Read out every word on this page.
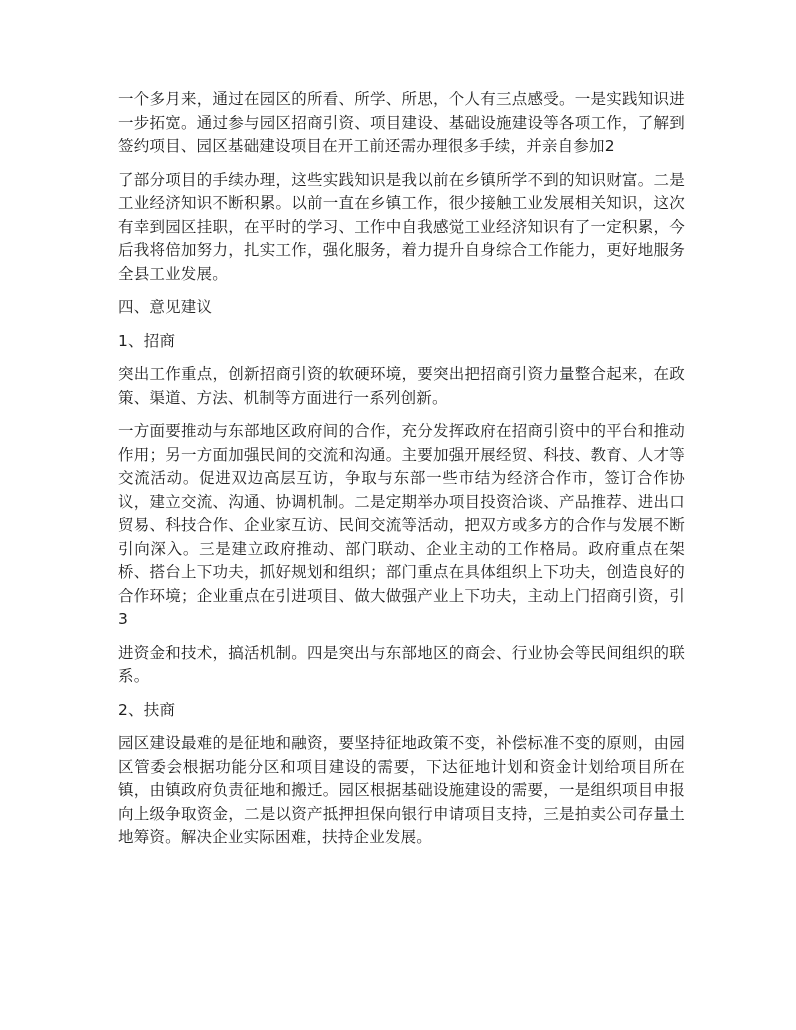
一个多月来，通过在园区的所看、所学、所思，个人有三点感受。一是实践知识进一步拓宽。通过参与园区招商引资、项目建设、基础设施建设等各项工作，了解到签约项目、园区基础建设项目在开工前还需办理很多手续，并亲自参加2

了部分项目的手续办理，这些实践知识是我以前在乡镇所学不到的知识财富。二是工业经济知识不断积累。以前一直在乡镇工作，很少接触工业发展相关知识，这次有幸到园区挂职，在平时的学习、工作中自我感觉工业经济知识有了一定积累，今后我将倍加努力，扎实工作，强化服务，着力提升自身综合工作能力，更好地服务全县工业发展。

四、意见建议

1、招商

突出工作重点，创新招商引资的软硬环境，要突出把招商引资力量整合起来，在政策、渠道、方法、机制等方面进行一系列创新。

一方面要推动与东部地区政府间的合作，充分发挥政府在招商引资中的平台和推动作用；另一方面加强民间的交流和沟通。主要加强开展经贸、科技、教育、人才等交流活动。促进双边高层互访，争取与东部一些市结为经济合作市，签订合作协议，建立交流、沟通、协调机制。二是定期举办项目投资洽谈、产品推荐、进出口贸易、科技合作、企业家互访、民间交流等活动，把双方或多方的合作与发展不断引向深入。三是建立政府推动、部门联动、企业主动的工作格局。政府重点在架桥、搭台上下功夫，抓好规划和组织；部门重点在具体组织上下功夫，创造良好的合作环境；企业重点在引进项目、做大做强产业上下功夫，主动上门招商引资，引3

进资金和技术，搞活机制。四是突出与东部地区的商会、行业协会等民间组织的联系。

2、扶商

园区建设最难的是征地和融资，要坚持征地政策不变，补偿标准不变的原则，由园区管委会根据功能分区和项目建设的需要，下达征地计划和资金计划给项目所在镇，由镇政府负责征地和搬迁。园区根据基础设施建设的需要，一是组织项目申报向上级争取资金，二是以资产抵押担保向银行申请项目支持，三是拍卖公司存量土地筹资。解决企业实际困难，扶持企业发展。
